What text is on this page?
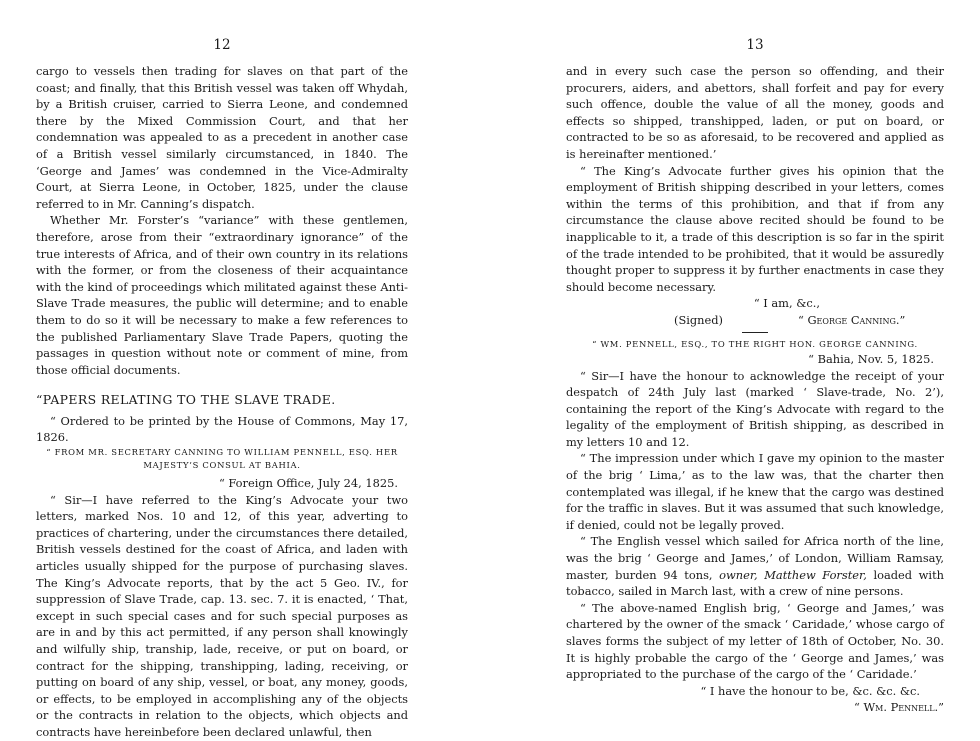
12

cargo to vessels then trading for slaves on that part of the coast; and finally, that this British vessel was taken off Whydah, by a British cruiser, carried to Sierra Leone, and condemned there by the Mixed Commission Court, and that her condemnation was appealed to as a precedent in another case of a British vessel similarly circumstanced, in 1840. The ‘George and James’ was condemned in the Vice-Admiralty Court, at Sierra Leone, in October, 1825, under the clause referred to in Mr. Canning’s dispatch.

Whether Mr. Forster’s “variance” with these gentlemen, therefore, arose from their “extraordinary ignorance” of the true interests of Africa, and of their own country in its relations with the former, or from the closeness of their acquaintance with the kind of proceedings which militated against these Anti-Slave Trade measures, the public will determine; and to enable them to do so it will be necessary to make a few references to the published Parliamentary Slave Trade Papers, quoting the passages in question without note or comment of mine, from those official documents.

“PAPERS RELATING TO THE SLAVE TRADE.

“ Ordered to be printed by the House of Commons, May 17, 1826.

“ FROM MR. SECRETARY CANNING TO WILLIAM PENNELL, ESQ. HER MAJESTY’S CONSUL AT BAHIA.

“ Foreign Office, July 24, 1825.

“ Sir—I have referred to the King’s Advocate your two letters, marked Nos. 10 and 12, of this year, adverting to practices of chartering, under the circumstances there detailed, British vessels destined for the coast of Africa, and laden with articles usually shipped for the purpose of purchasing slaves. The King’s Advocate reports, that by the act 5 Geo. IV., for suppression of Slave Trade, cap. 13. sec. 7. it is enacted, ‘ That, except in such special cases and for such special purposes as are in and by this act permitted, if any person shall knowingly and wilfully ship, tranship, lade, receive, or put on board, or contract for the shipping, transhipping, lading, receiving, or putting on board of any ship, vessel, or boat, any money, goods, or effects, to be employed in accomplishing any of the objects or the contracts in relation to the objects, which objects and contracts have hereinbefore been declared unlawful, then

13

and in every such case the person so offending, and their procurers, aiders, and abettors, shall forfeit and pay for every such offence, double the value of all the money, goods and effects so shipped, transhipped, laden, or put on board, or contracted to be so as aforesaid, to be recovered and applied as is hereinafter mentioned.’

“ The King’s Advocate further gives his opinion that the employment of British shipping described in your letters, comes within the terms of this prohibition, and that if from any circumstance the clause above recited should be found to be inapplicable to it, a trade of this description is so far in the spirit of the trade intended to be prohibited, that it would be assuredly thought proper to suppress it by further enactments in case they should become necessary.

“ I am, &c.,

(Signed)	“ George Canning.”

“ WM. PENNELL, ESQ., TO THE RIGHT HON. GEORGE CANNING.

“ Bahia, Nov. 5, 1825.

“ Sir—I have the honour to acknowledge the receipt of your despatch of 24th July last (marked ‘ Slave-trade, No. 2’), containing the report of the King’s Advocate with regard to the legality of the employment of British shipping, as described in my letters 10 and 12.

“ The impression under which I gave my opinion to the master of the brig ‘ Lima,’ as to the law was, that the charter then contemplated was illegal, if he knew that the cargo was destined for the traffic in slaves. But it was assumed that such knowledge, if denied, could not be legally proved.

“ The English vessel which sailed for Africa north of the line, was the brig ‘ George and James,’ of London, William Ramsay, master, burden 94 tons, owner, Matthew Forster, loaded with tobacco, sailed in March last, with a crew of nine persons.

“ The above-named English brig, ‘ George and James,’ was chartered by the owner of the smack ‘ Caridade,’ whose cargo of slaves forms the subject of my letter of 18th of October, No. 30. It is highly probable the cargo of the ‘ George and James,’ was appropriated to the purchase of the cargo of the ‘ Caridade.’

“ I have the honour to be, &c. &c. &c.

“ Wm. Pennell.”
